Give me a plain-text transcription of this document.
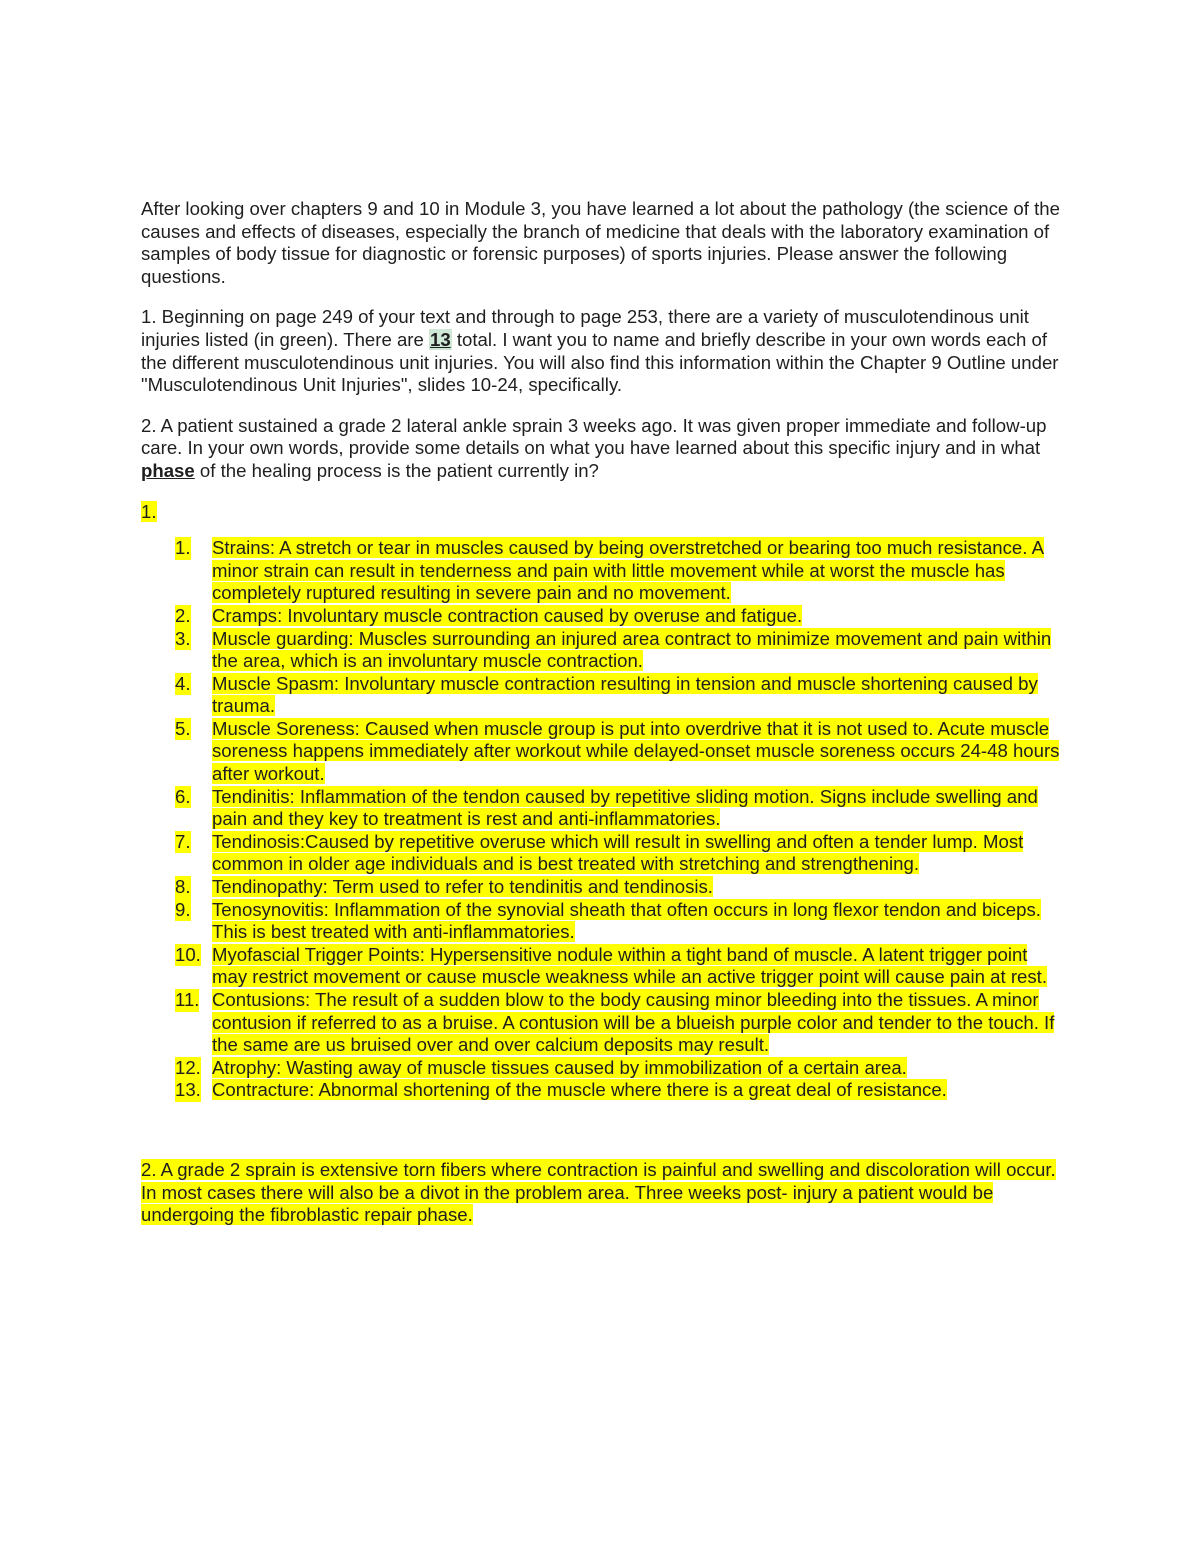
After looking over chapters 9 and 10 in Module 3, you have learned a lot about the pathology (the science of the causes and effects of diseases, especially the branch of medicine that deals with the laboratory examination of samples of body tissue for diagnostic or forensic purposes) of sports injuries. Please answer the following questions.

1. Beginning on page 249 of your text and through to page 253, there are a variety of musculotendinous unit injuries listed (in green). There are 13 total. I want you to name and briefly describe in your own words each of the different musculotendinous unit injuries. You will also find this information within the Chapter 9 Outline under "Musculotendinous Unit Injuries", slides 10-24, specifically.

2. A patient sustained a grade 2 lateral ankle sprain 3 weeks ago. It was given proper immediate and follow-up care. In your own words, provide some details on what you have learned about this specific injury and in what phase of the healing process is the patient currently in?

1.
1. Strains: A stretch or tear in muscles caused by being overstretched or bearing too much resistance. A minor strain can result in tenderness and pain with little movement while at worst the muscle has completely ruptured resulting in severe pain and no movement.
2. Cramps: Involuntary muscle contraction caused by overuse and fatigue.
3. Muscle guarding: Muscles surrounding an injured area contract to minimize movement and pain within the area, which is an involuntary muscle contraction.
4. Muscle Spasm: Involuntary muscle contraction resulting in tension and muscle shortening caused by trauma.
5. Muscle Soreness: Caused when muscle group is put into overdrive that it is not used to. Acute muscle soreness happens immediately after workout while delayed-onset muscle soreness occurs 24-48 hours after workout.
6. Tendinitis: Inflammation of the tendon caused by repetitive sliding motion. Signs include swelling and pain and they key to treatment is rest and anti-inflammatories.
7. Tendinosis:Caused by repetitive overuse which will result in swelling and often a tender lump. Most common in older age individuals and is best treated with stretching and strengthening.
8. Tendinopathy: Term used to refer to tendinitis and tendinosis.
9. Tenosynovitis: Inflammation of the synovial sheath that often occurs in long flexor tendon and biceps. This is best treated with anti-inflammatories.
10. Myofascial Trigger Points: Hypersensitive nodule within a tight band of muscle. A latent trigger point may restrict movement or cause muscle weakness while an active trigger point will cause pain at rest.
11. Contusions: The result of a sudden blow to the body causing minor bleeding into the tissues. A minor contusion if referred to as a bruise. A contusion will be a blueish purple color and tender to the touch. If the same are us bruised over and over calcium deposits may result.
12. Atrophy: Wasting away of muscle tissues caused by immobilization of a certain area.
13. Contracture: Abnormal shortening of the muscle where there is a great deal of resistance.
2. A grade 2 sprain is extensive torn fibers where contraction is painful and swelling and discoloration will occur. In most cases there will also be a divot in the problem area. Three weeks post- injury a patient would be undergoing the fibroblastic repair phase.
